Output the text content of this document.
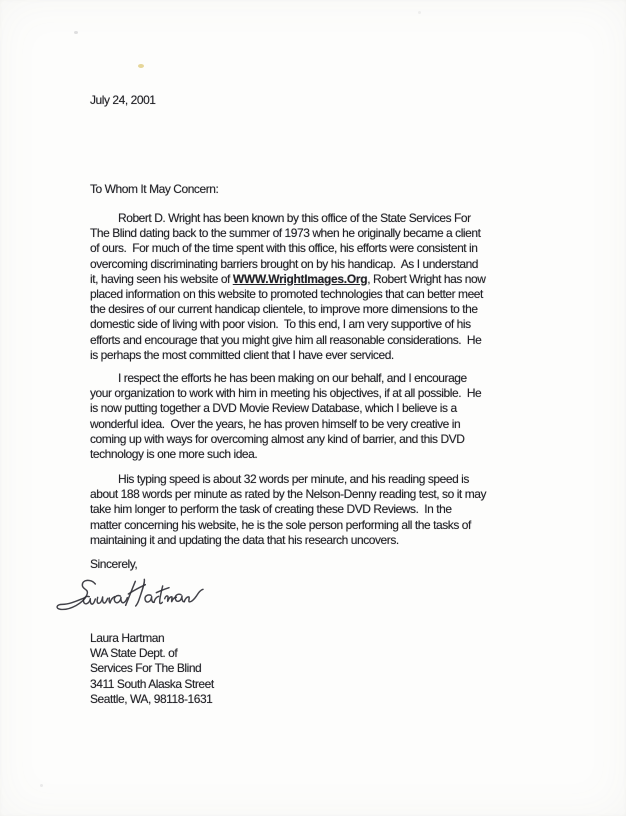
July 24, 2001
To Whom It May Concern:
Robert D. Wright has been known by this office of the State Services For
The Blind dating back to the summer of 1973 when he originally became a client
of ours.  For much of the time spent with this office, his efforts were consistent in
overcoming discriminating barriers brought on by his handicap.  As I understand
it, having seen his website of WWW.WrightImages.Org, Robert Wright has now
placed information on this website to promoted technologies that can better meet
the desires of our current handicap clientele, to improve more dimensions to the
domestic side of living with poor vision.  To this end, I am very supportive of his
efforts and encourage that you might give him all reasonable considerations.  He
is perhaps the most committed client that I have ever serviced.
I respect the efforts he has been making on our behalf, and I encourage
your organization to work with him in meeting his objectives, if at all possible.  He
is now putting together a DVD Movie Review Database, which I believe is a
wonderful idea.  Over the years, he has proven himself to be very creative in
coming up with ways for overcoming almost any kind of barrier, and this DVD
technology is one more such idea.
His typing speed is about 32 words per minute, and his reading speed is
about 188 words per minute as rated by the Nelson-Denny reading test, so it may
take him longer to perform the task of creating these DVD Reviews.  In the
matter concerning his website, he is the sole person performing all the tasks of
maintaining it and updating the data that his research uncovers.
Sincerely,
Laura Hartman
WA State Dept. of
Services For The Blind
3411 South Alaska Street
Seattle, WA, 98118-1631
